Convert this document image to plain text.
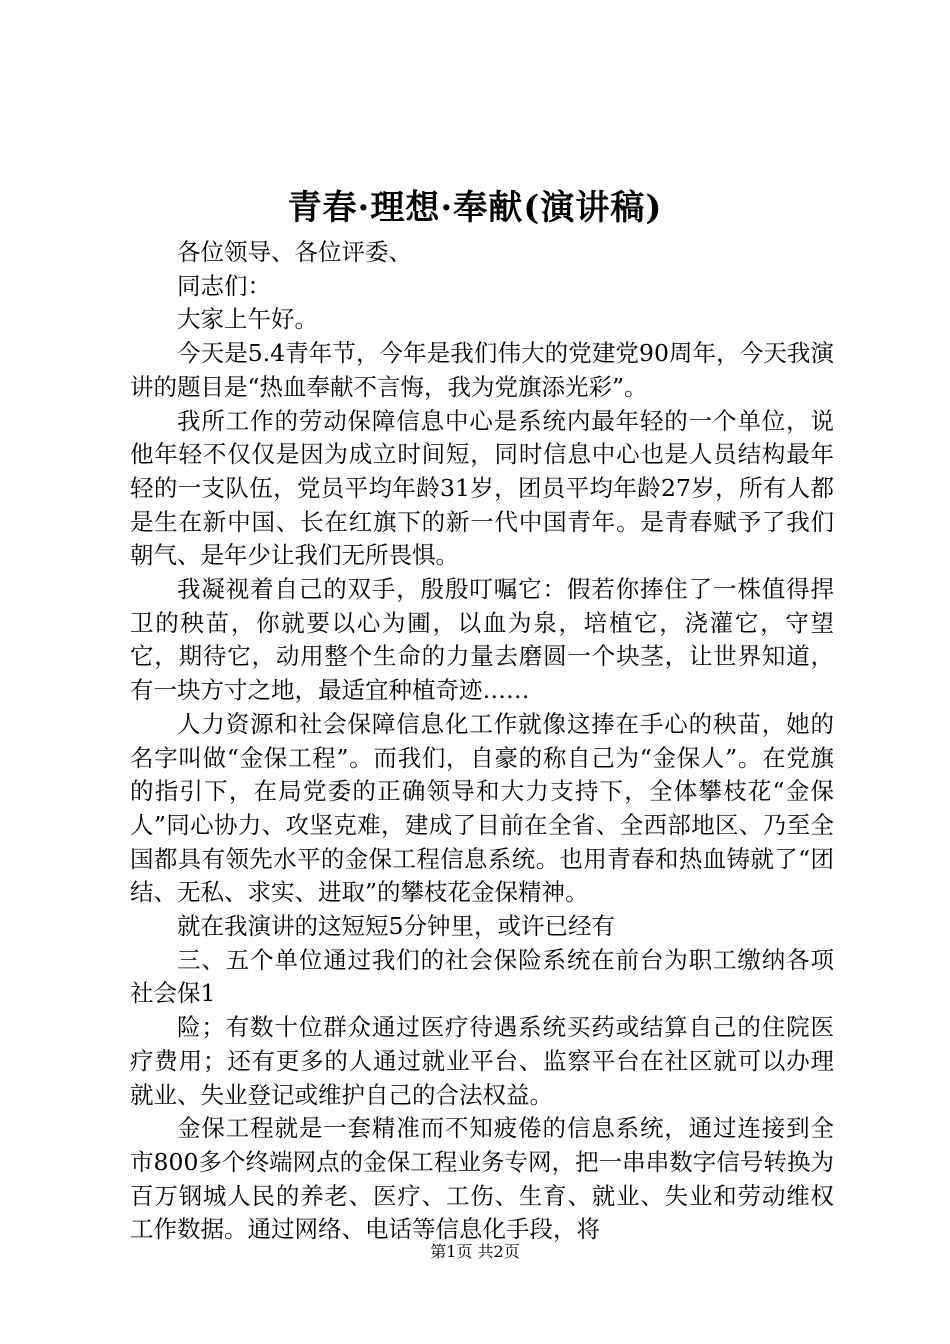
青春·理想·奉献(演讲稿)

各位领导、各位评委、

同志们：

大家上午好。

今天是5.4青年节，今年是我们伟大的党建党90周年，今天我演讲的题目是“热血奉献不言悔，我为党旗添光彩”。

我所工作的劳动保障信息中心是系统内最年轻的一个单位，说他年轻不仅仅是因为成立时间短，同时信息中心也是人员结构最年轻的一支队伍，党员平均年龄31岁，团员平均年龄27岁，所有人都是生在新中国、长在红旗下的新一代中国青年。是青春赋予了我们朝气、是年少让我们无所畏惧。

我凝视着自己的双手，殷殷叮嘱它：假若你捧住了一株值得捍卫的秧苗，你就要以心为圃，以血为泉，培植它，浇灌它，守望它，期待它，动用整个生命的力量去磨圆一个块茎，让世界知道，有一块方寸之地，最适宜种植奇迹……

人力资源和社会保障信息化工作就像这捧在手心的秧苗，她的名字叫做“金保工程”。而我们，自豪的称自己为“金保人”。在党旗的指引下，在局党委的正确领导和大力支持下，全体攀枝花“金保人”同心协力、攻坚克难，建成了目前在全省、全西部地区、乃至全国都具有领先水平的金保工程信息系统。也用青春和热血铸就了“团结、无私、求实、进取”的攀枝花金保精神。

就在我演讲的这短短5分钟里，或许已经有

三、五个单位通过我们的社会保险系统在前台为职工缴纳各项社会保1

险；有数十位群众通过医疗待遇系统买药或结算自己的住院医疗费用；还有更多的人通过就业平台、监察平台在社区就可以办理就业、失业登记或维护自己的合法权益。

金保工程就是一套精准而不知疲倦的信息系统，通过连接到全市800多个终端网点的金保工程业务专网，把一串串数字信号转换为百万钢城人民的养老、医疗、工伤、生育、就业、失业和劳动维权工作数据。通过网络、电话等信息化手段，将

第1页 共2页
